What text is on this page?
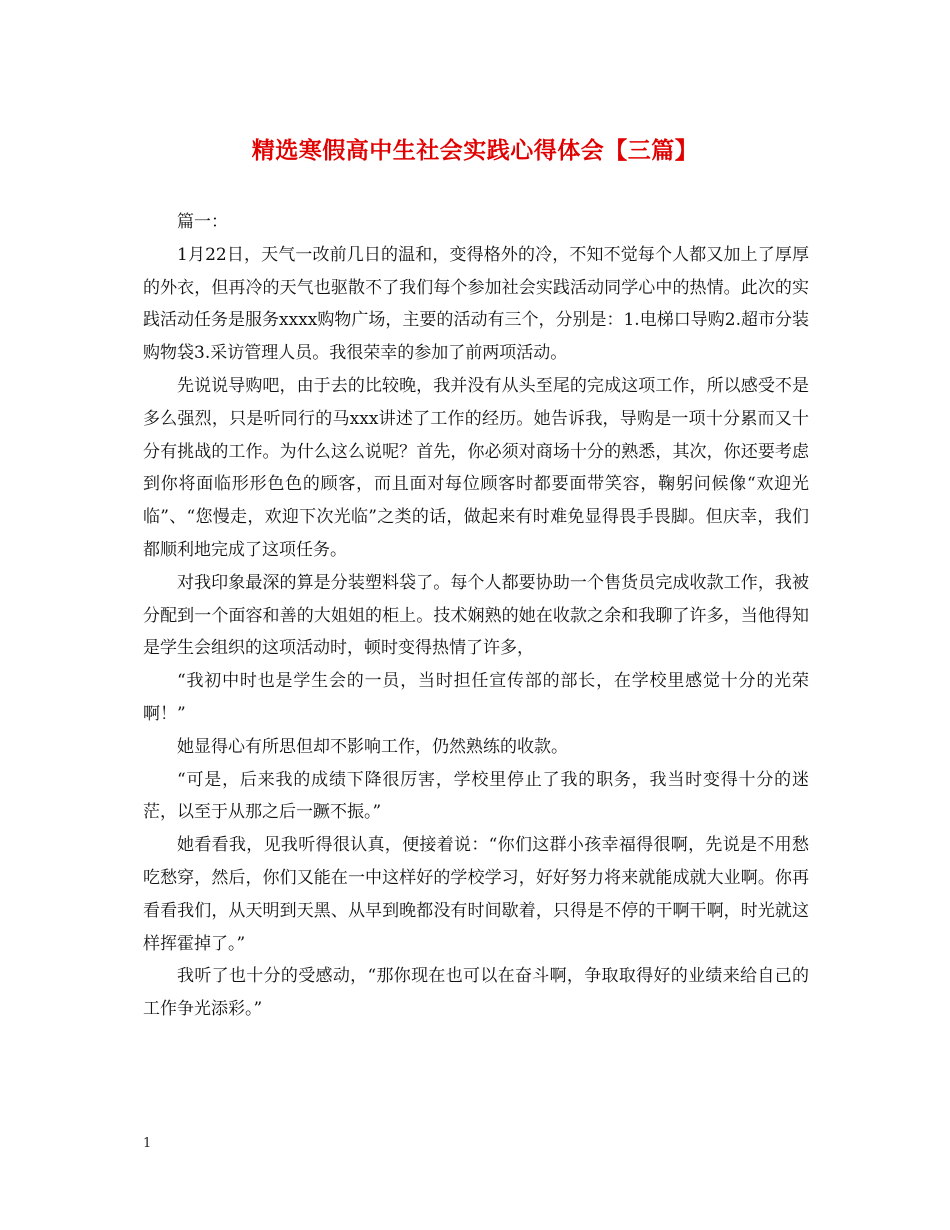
精选寒假高中生社会实践心得体会【三篇】

篇一：

1月22日，天气一改前几日的温和，变得格外的冷，不知不觉每个人都又加上了厚厚的外衣，但再冷的天气也驱散不了我们每个参加社会实践活动同学心中的热情。此次的实践活动任务是服务xxxx购物广场，主要的活动有三个，分别是：1.电梯口导购2.超市分装购物袋3.采访管理人员。我很荣幸的参加了前两项活动。

先说说导购吧，由于去的比较晚，我并没有从头至尾的完成这项工作，所以感受不是多么强烈，只是听同行的马xxx讲述了工作的经历。她告诉我，导购是一项十分累而又十分有挑战的工作。为什么这么说呢？首先，你必须对商场十分的熟悉，其次，你还要考虑到你将面临形形色色的顾客，而且面对每位顾客时都要面带笑容，鞠躬问候像“欢迎光临”、“您慢走，欢迎下次光临”之类的话，做起来有时难免显得畏手畏脚。但庆幸，我们都顺利地完成了这项任务。

对我印象最深的算是分装塑料袋了。每个人都要协助一个售货员完成收款工作，我被分配到一个面容和善的大姐姐的柜上。技术娴熟的她在收款之余和我聊了许多，当他得知是学生会组织的这项活动时，顿时变得热情了许多，

“我初中时也是学生会的一员，当时担任宣传部的部长，在学校里感觉十分的光荣啊！”

她显得心有所思但却不影响工作，仍然熟练的收款。

“可是，后来我的成绩下降很厉害，学校里停止了我的职务，我当时变得十分的迷茫，以至于从那之后一蹶不振。”

她看看我，见我听得很认真，便接着说：“你们这群小孩幸福得很啊，先说是不用愁吃愁穿，然后，你们又能在一中这样好的学校学习，好好努力将来就能成就大业啊。你再看看我们，从天明到天黑、从早到晚都没有时间歇着，只得是不停的干啊干啊，时光就这样挥霍掉了。”

我听了也十分的受感动，“那你现在也可以在奋斗啊，争取取得好的业绩来给自己的工作争光添彩。”

1
